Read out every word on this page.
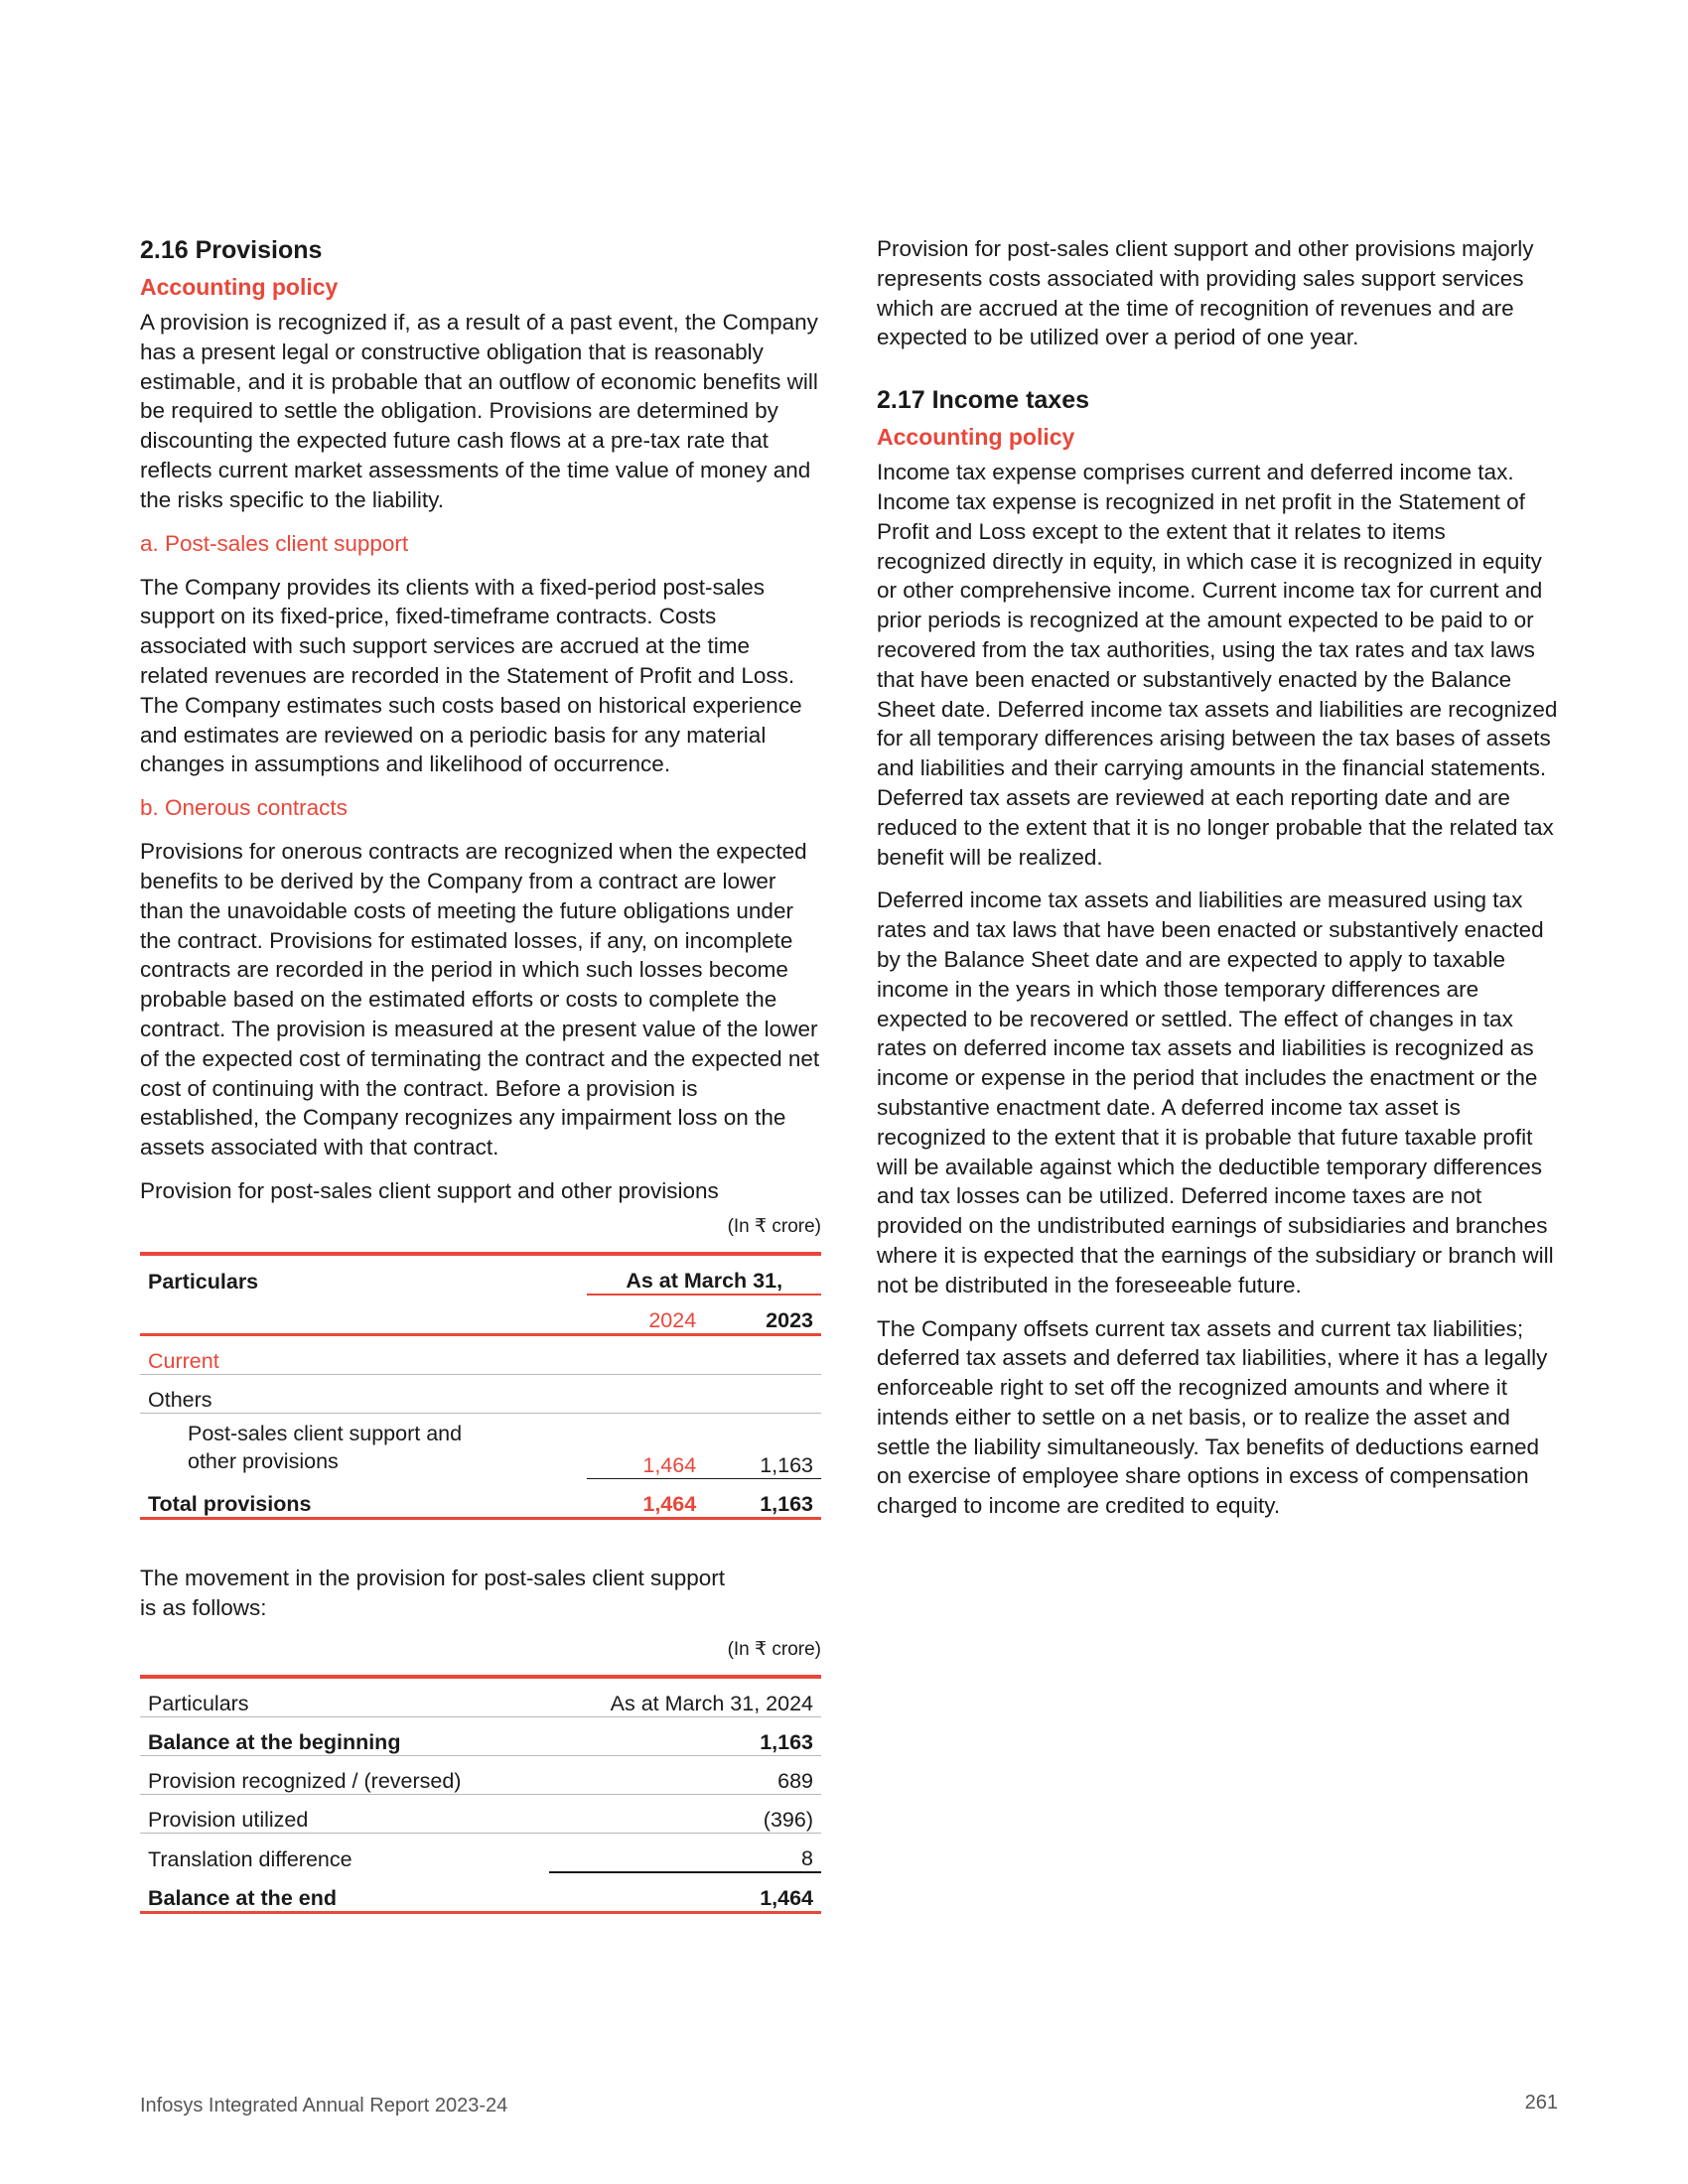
2.16 Provisions
Accounting policy

A provision is recognized if, as a result of a past event, the Company has a present legal or constructive obligation that is reasonably estimable, and it is probable that an outflow of economic benefits will be required to settle the obligation. Provisions are determined by discounting the expected future cash flows at a pre-tax rate that reflects current market assessments of the time value of money and the risks specific to the liability.

a. Post-sales client support

The Company provides its clients with a fixed-period post-sales support on its fixed-price, fixed-timeframe contracts. Costs associated with such support services are accrued at the time related revenues are recorded in the Statement of Profit and Loss. The Company estimates such costs based on historical experience and estimates are reviewed on a periodic basis for any material changes in assumptions and likelihood of occurrence.

b. Onerous contracts

Provisions for onerous contracts are recognized when the expected benefits to be derived by the Company from a contract are lower than the unavoidable costs of meeting the future obligations under the contract. Provisions for estimated losses, if any, on incomplete contracts are recorded in the period in which such losses become probable based on the estimated efforts or costs to complete the contract. The provision is measured at the present value of the lower of the expected cost of terminating the contract and the expected net cost of continuing with the contract. Before a provision is established, the Company recognizes any impairment loss on the assets associated with that contract.

Provision for post-sales client support and other provisions

(In ₹ crore)
Particulars	As at March 31,	
	2024	2023
Current		
Others		
Post-sales client support and
other provisions	1,464	1,163
Total provisions	1,464	1,163

The movement in the provision for post-sales client support is as follows:

(In ₹ crore)
Particulars	As at March 31, 2024
Balance at the beginning	1,163
Provision recognized / (reversed)	689
Provision utilized	(396)
Translation difference	8
Balance at the end	1,464

Provision for post-sales client support and other provisions majorly represents costs associated with providing sales support services which are accrued at the time of recognition of revenues and are expected to be utilized over a period of one year.

2.17 Income taxes
Accounting policy

Income tax expense comprises current and deferred income tax. Income tax expense is recognized in net profit in the Statement of Profit and Loss except to the extent that it relates to items recognized directly in equity, in which case it is recognized in equity or other comprehensive income. Current income tax for current and prior periods is recognized at the amount expected to be paid to or recovered from the tax authorities, using the tax rates and tax laws that have been enacted or substantively enacted by the Balance Sheet date. Deferred income tax assets and liabilities are recognized for all temporary differences arising between the tax bases of assets and liabilities and their carrying amounts in the financial statements. Deferred tax assets are reviewed at each reporting date and are reduced to the extent that it is no longer probable that the related tax benefit will be realized.

Deferred income tax assets and liabilities are measured using tax rates and tax laws that have been enacted or substantively enacted by the Balance Sheet date and are expected to apply to taxable income in the years in which those temporary differences are expected to be recovered or settled. The effect of changes in tax rates on deferred income tax assets and liabilities is recognized as income or expense in the period that includes the enactment or the substantive enactment date. A deferred income tax asset is recognized to the extent that it is probable that future taxable profit will be available against which the deductible temporary differences and tax losses can be utilized. Deferred income taxes are not provided on the undistributed earnings of subsidiaries and branches where it is expected that the earnings of the subsidiary or branch will not be distributed in the foreseeable future.

The Company offsets current tax assets and current tax liabilities; deferred tax assets and deferred tax liabilities, where it has a legally enforceable right to set off the recognized amounts and where it intends either to settle on a net basis, or to realize the asset and settle the liability simultaneously. Tax benefits of deductions earned on exercise of employee share options in excess of compensation charged to income are credited to equity.

Infosys Integrated Annual Report 2023-24	261
